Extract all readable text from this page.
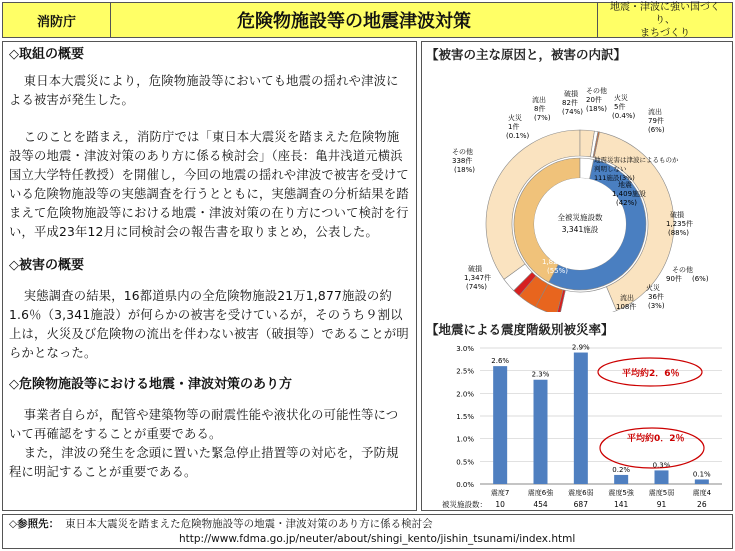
消防庁	危険物施設等の地震津波対策
地震・津波に強い国づくり、
まちづくり
◇取組の概要
東日本大震災により，危険物施設等においても地震の揺れや津波による被害が発生した。
このことを踏まえ，消防庁では「東日本大震災を踏まえた危険物施設等の地震・津波対策のあり方に係る検討会」（座長：亀井浅道元横浜国立大学特任教授）を開催し，今回の地震の揺れや津波で被害を受けている危険物施設等の実態調査を行うとともに，実態調査の分析結果を踏まえて危険物施設等における地震・津波対策の在り方について検討を行い，平成23年12月に同検討会の報告書を取りまとめ，公表した。
◇被害の概要
実態調査の結果，16都道県内の全危険物施設21万1,877施設の約1.6％（3,341施設）が何らかの被害を受けているが，そのうち９割以上は，火災及び危険物の流出を伴わない被害（破損等）であることが明らかとなった。
◇危険物施設等における地震・津波対策のあり方
事業者自らが，配管や建築物等の耐震性能や液状化の可能性等について再確認をすることが重要である。
また，津波の発生を念頭に置いた緊急停止措置等の対応を，予防規程に明記することが重要である。
【被害の主な原因と，被害の内訳】
全被災施設数
3,341施設
津波
1,821施設
(55%)
地震
1,409施設
(42%)
地震災害は津波によるものか
判明しない
111施設(3%)
破損
1,347件
(74%)
その他
338件
(18%)
火災
1件
(0.1%)
流出
8件
(7%)
破損
82件
(74%)
その他
20件
(18%)
火災
5件
(0.4%) 流出
79件
(6%)
破損
1,235件
(88%)
その他
90件 (6%)
火災
36件
(3%)
流出
108件
【地震による震度階級別被災率】
0.0%
0.5%
1.0%
1.5%
2.0%
2.5%
3.0%
2.6%
震度7
10
2.3%
震度6強
454
2.9%
震度6弱
687
0.2%
震度5強
141
0.3%
震度5弱
91
0.1%
震度4
26
平均約2．6％
平均約0．2％
被災施設数：
◇参照先： 東日本大震災を踏まえた危険物施設等の地震・津波対策のあり方に係る検討会
http://www.fdma.go.jp/neuter/about/shingi_kento/jishin_tsunami/index.html
